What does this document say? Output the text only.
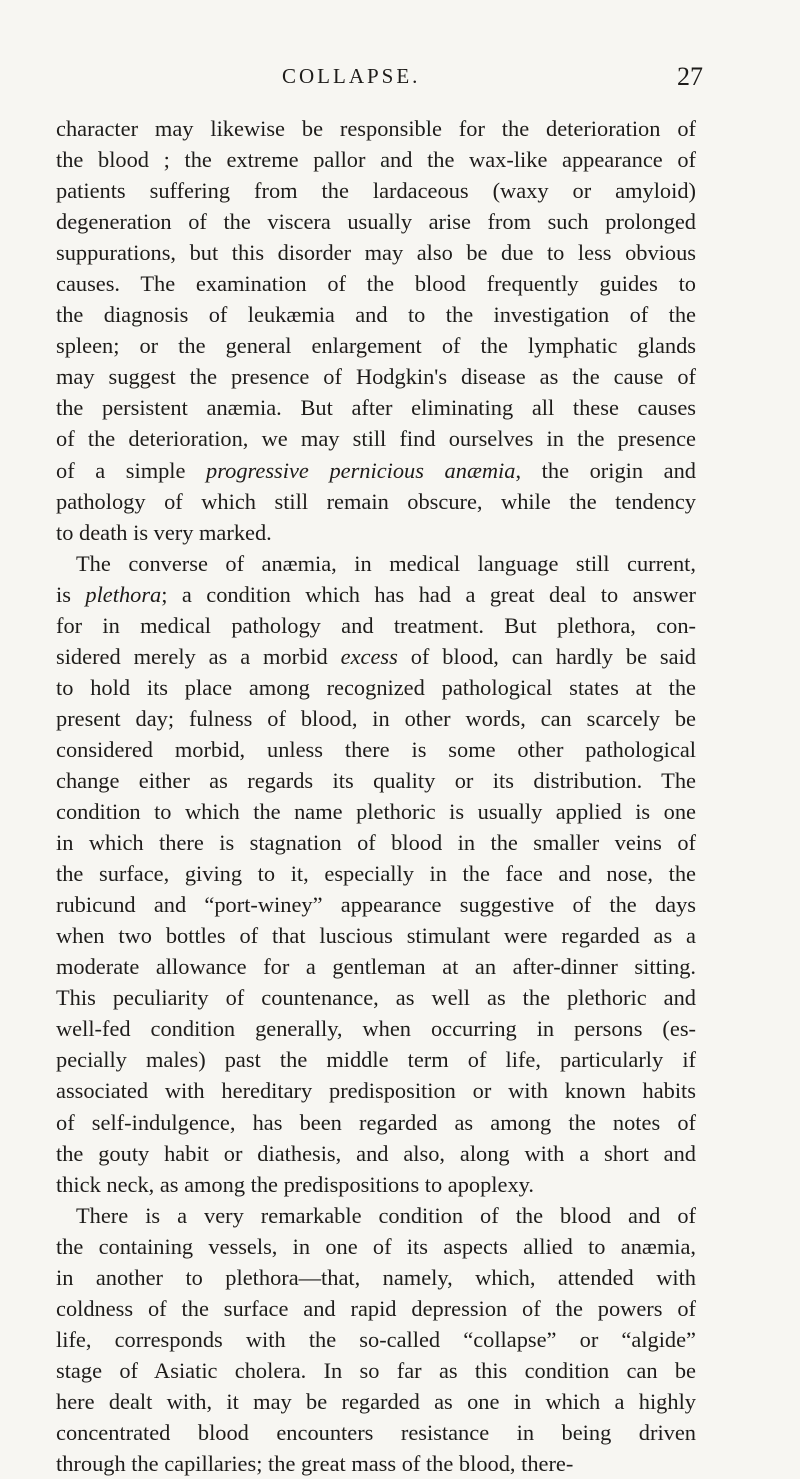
COLLAPSE.	27
character may likewise be responsible for the deterioration of
the blood ; the extreme pallor and the wax-like appearance of
patients suffering from the lardaceous (waxy or amyloid)
degeneration of the viscera usually arise from such prolonged
suppurations, but this disorder may also be due to less obvious
causes. The examination of the blood frequently guides to
the diagnosis of leukæmia and to the investigation of the
spleen; or the general enlargement of the lymphatic glands
may suggest the presence of Hodgkin's disease as the cause of
the persistent anæmia. But after eliminating all these causes
of the deterioration, we may still find ourselves in the presence
of a simple progressive pernicious anæmia, the origin and
pathology of which still remain obscure, while the tendency
to death is very marked.
The converse of anæmia, in medical language still current,
is plethora; a condition which has had a great deal to answer
for in medical pathology and treatment. But plethora, con-
sidered merely as a morbid excess of blood, can hardly be said
to hold its place among recognized pathological states at the
present day; fulness of blood, in other words, can scarcely be
considered morbid, unless there is some other pathological
change either as regards its quality or its distribution. The
condition to which the name plethoric is usually applied is one
in which there is stagnation of blood in the smaller veins of
the surface, giving to it, especially in the face and nose, the
rubicund and “port-winey” appearance suggestive of the days
when two bottles of that luscious stimulant were regarded as a
moderate allowance for a gentleman at an after-dinner sitting.
This peculiarity of countenance, as well as the plethoric and
well-fed condition generally, when occurring in persons (es-
pecially males) past the middle term of life, particularly if
associated with hereditary predisposition or with known habits
of self-indulgence, has been regarded as among the notes of
the gouty habit or diathesis, and also, along with a short and
thick neck, as among the predispositions to apoplexy.
There is a very remarkable condition of the blood and of
the containing vessels, in one of its aspects allied to anæmia,
in another to plethora—that, namely, which, attended with
coldness of the surface and rapid depression of the powers of
life, corresponds with the so-called “collapse” or “algide”
stage of Asiatic cholera. In so far as this condition can be
here dealt with, it may be regarded as one in which a highly
concentrated blood encounters resistance in being driven
through the capillaries; the great mass of the blood, there-
